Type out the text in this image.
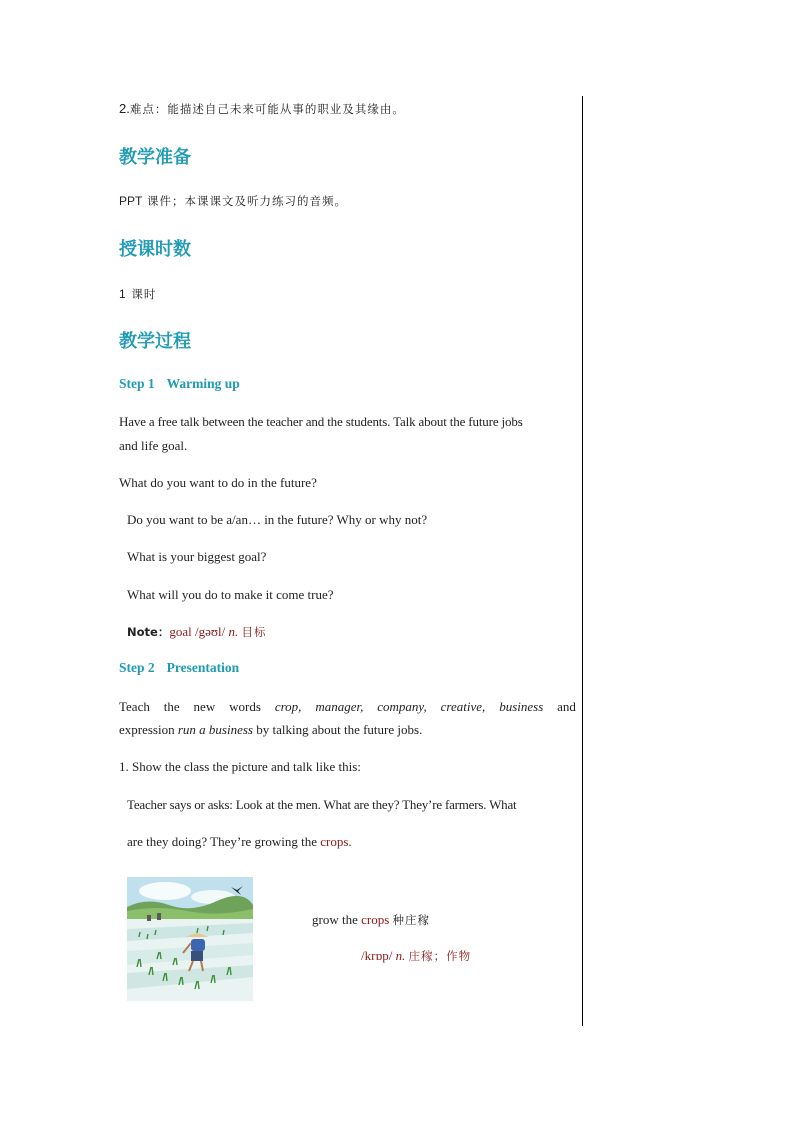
2.难点：能描述自己未来可能从事的职业及其缘由。

教学准备

PPT 课件；本课课文及听力练习的音频。

授课时数

1 课时

教学过程

Step 1 Warming up

Have a free talk between the teacher and the students. Talk about the future jobs

and life goal.

What do you want to do in the future?

Do you want to be a/an… in the future? Why or why not?

What is your biggest goal?

What will you do to make it come true?

Note：goal /gəʊl/ n. 目标

Step 2 Presentation

Teach the new words crop, manager, company, creative, business and

expression run a business by talking about the future jobs.

1. Show the class the picture and talk like this:

Teacher says or asks: Look at the men. What are they? They’re farmers. What

are they doing? They’re growing the crops.

grow the crops 种庄稼

/krɒp/ n. 庄稼；作物
